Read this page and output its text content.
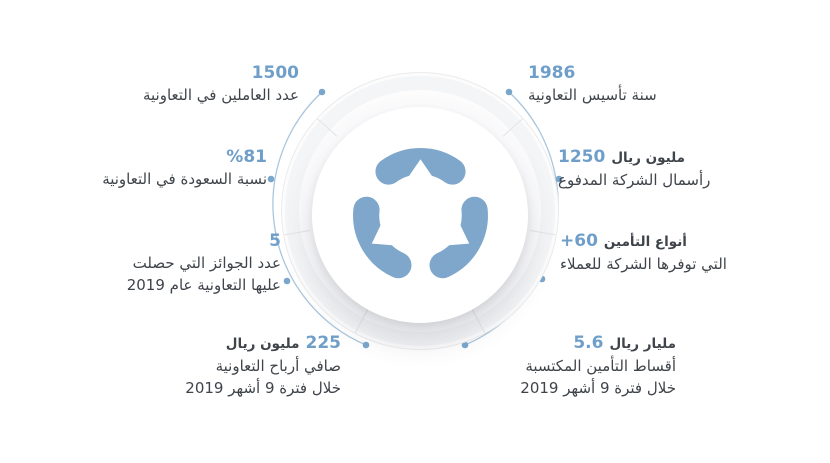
1500
عدد العاملين في التعاونية
1986
سنة تأسيس التعاونية
%81
نسبة السعودة في التعاونية
1250 مليون ريال
رأسمال الشركة المدفوع
5
عدد الجوائز التي حصلت
عليها التعاونية عام 2019
+60 أنواع التأمين
التي توفرها الشركة للعملاء
225
مليون ريال
صافي أرباح التعاونية
خلال فترة 9 أشهر 2019
5.6 مليار ريال
أقساط التأمين المكتسبة
خلال فترة 9 أشهر 2019
